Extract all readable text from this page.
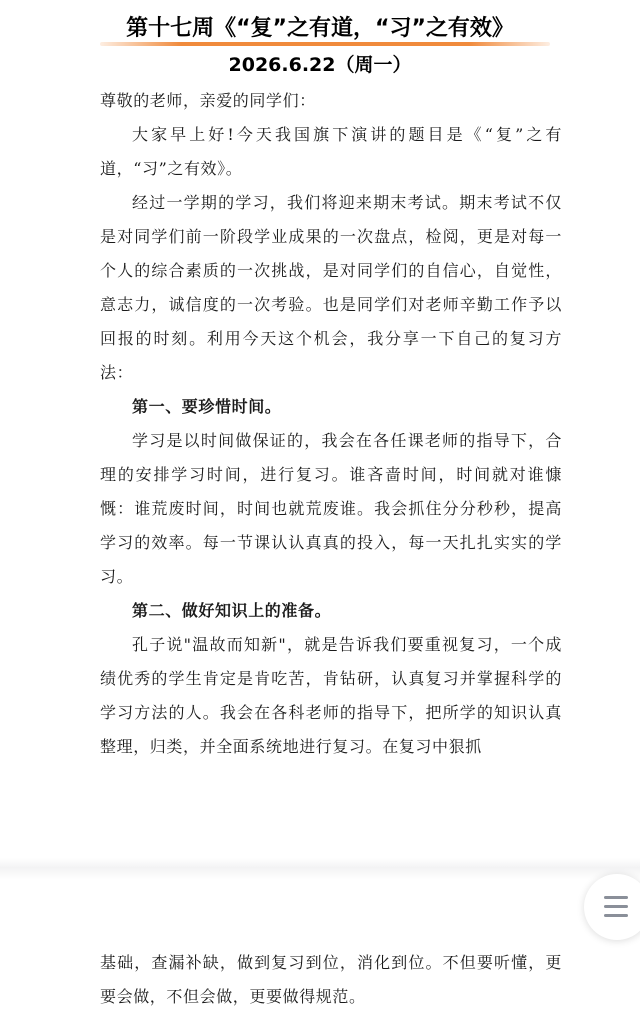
第十七周《“复”之有道，“习”之有效》
2026.6.22（周一）

尊敬的老师，亲爱的同学们：

大家早上好!今天我国旗下演讲的题目是《“复”之有道，“习”之有效》。

经过一学期的学习，我们将迎来期末考试。期末考试不仅是对同学们前一阶段学业成果的一次盘点，检阅，更是对每一个人的综合素质的一次挑战，是对同学们的自信心，自觉性，意志力，诚信度的一次考验。也是同学们对老师辛勤工作予以回报的时刻。利用今天这个机会，我分享一下自己的复习方法：

第一、要珍惜时间。

学习是以时间做保证的，我会在各任课老师的指导下，合理的安排学习时间，进行复习。谁吝啬时间，时间就对谁慷慨：谁荒废时间，时间也就荒废谁。我会抓住分分秒秒，提高学习的效率。每一节课认认真真的投入，每一天扎扎实实的学习。

第二、做好知识上的准备。

孔子说"温故而知新"，就是告诉我们要重视复习，一个成绩优秀的学生肯定是肯吃苦，肯钻研，认真复习并掌握科学的学习方法的人。我会在各科老师的指导下，把所学的知识认真整理，归类，并全面系统地进行复习。在复习中狠抓

基础，查漏补缺，做到复习到位，消化到位。不但要听懂，更要会做，不但会做，更要做得规范。
